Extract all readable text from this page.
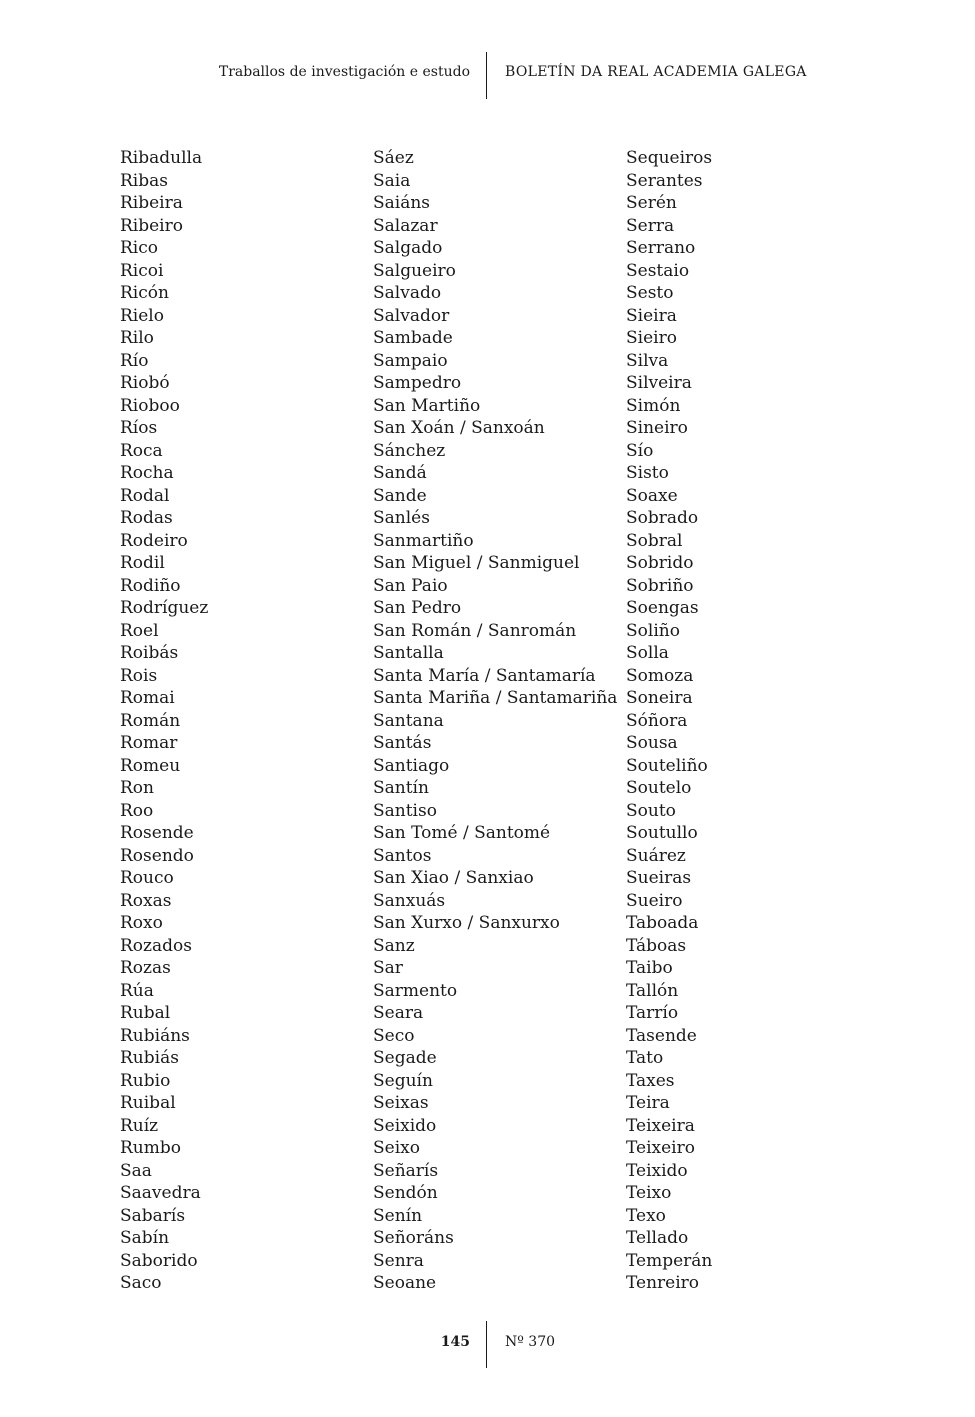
Traballos de investigación e estudo	BOLETÍN DA REAL ACADEMIA GALEGA
Ribadulla
Ribas
Ribeira
Ribeiro
Rico
Ricoi
Ricón
Rielo
Rilo
Río
Riobó
Rioboo
Ríos
Roca
Rocha
Rodal
Rodas
Rodeiro
Rodil
Rodiño
Rodríguez
Roel
Roibás
Rois
Romai
Román
Romar
Romeu
Ron
Roo
Rosende
Rosendo
Rouco
Roxas
Roxo
Rozados
Rozas
Rúa
Rubal
Rubiáns
Rubiás
Rubio
Ruibal
Ruíz
Rumbo
Saa
Saavedra
Sabarís
Sabín
Saborido
Saco
Sáez
Saia
Saiáns
Salazar
Salgado
Salgueiro
Salvado
Salvador
Sambade
Sampaio
Sampedro
San Martiño
San Xoán / Sanxoán
Sánchez
Sandá
Sande
Sanlés
Sanmartiño
San Miguel / Sanmiguel
San Paio
San Pedro
San Román / Sanromán
Santalla
Santa María / Santamaría
Santa Mariña / Santamariña
Santana
Santás
Santiago
Santín
Santiso
San Tomé / Santomé
Santos
San Xiao / Sanxiao
Sanxuás
San Xurxo / Sanxurxo
Sanz
Sar
Sarmento
Seara
Seco
Segade
Seguín
Seixas
Seixido
Seixo
Señarís
Sendón
Senín
Señoráns
Senra
Seoane
Sequeiros
Serantes
Serén
Serra
Serrano
Sestaio
Sesto
Sieira
Sieiro
Silva
Silveira
Simón
Sineiro
Sío
Sisto
Soaxe
Sobrado
Sobral
Sobrido
Sobriño
Soengas
Soliño
Solla
Somoza
Soneira
Sóñora
Sousa
Souteliño
Soutelo
Souto
Soutullo
Suárez
Sueiras
Sueiro
Taboada
Táboas
Taibo
Tallón
Tarrío
Tasende
Tato
Taxes
Teira
Teixeira
Teixeiro
Teixido
Teixo
Texo
Tellado
Temperán
Tenreiro
145	Nº 370
